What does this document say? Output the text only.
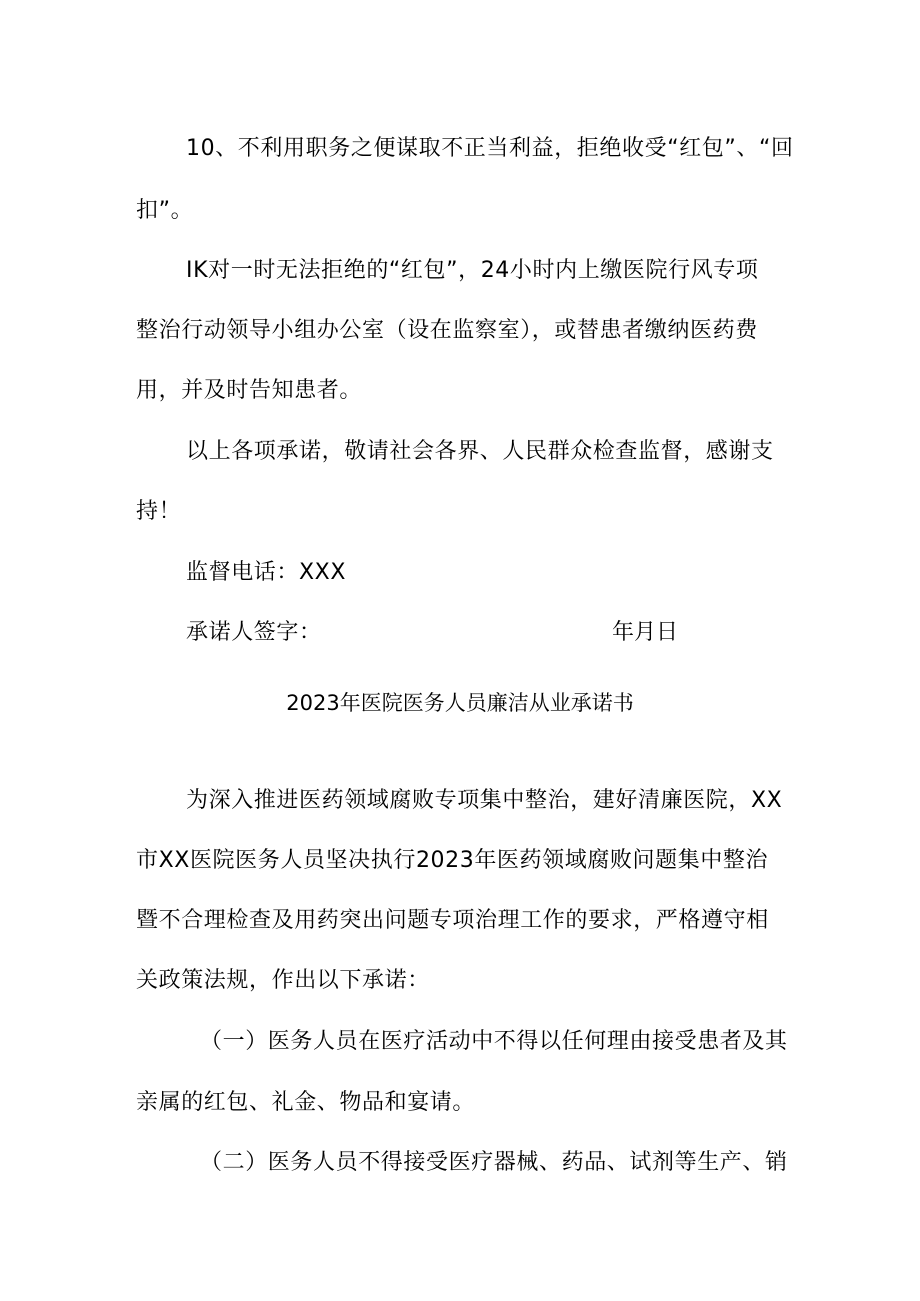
10、不利用职务之便谋取不正当利益，拒绝收受“红包”、“回
扣”。
IK对一时无法拒绝的“红包”，24小时内上缴医院行风专项
整治行动领导小组办公室（设在监察室），或替患者缴纳医药费
用，并及时告知患者。
以上各项承诺，敬请社会各界、人民群众检查监督，感谢支
持！
监督电话：XXX
承诺人签字：	年月日
2023年医院医务人员廉洁从业承诺书
为深入推进医药领域腐败专项集中整治，建好清廉医院，XX
市XX医院医务人员坚决执行2023年医药领域腐败问题集中整治
暨不合理检查及用药突出问题专项治理工作的要求，严格遵守相
关政策法规，作出以下承诺：
（一）医务人员在医疗活动中不得以任何理由接受患者及其
亲属的红包、礼金、物品和宴请。
（二）医务人员不得接受医疗器械、药品、试剂等生产、销
